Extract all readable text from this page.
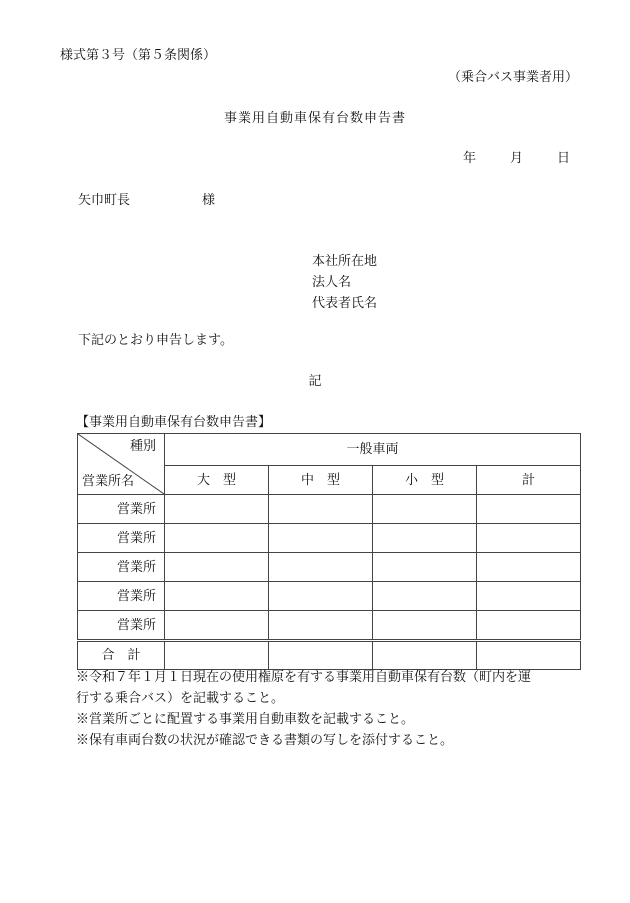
様式第３号（第５条関係）
（乗合バス事業者用）
事業用自動車保有台数申告書
年	月	日
矢巾町長	様
本社所在地
法人名
代表者氏名
下記のとおり申告します。
記
【事業用自動車保有台数申告書】
種別
営業所名	一般車両			
	大　型	中　型	小　型	計
営業所				
営業所				
営業所				
営業所				
営業所				
合　計				
※令和７年１月１日現在の使用権原を有する事業用自動車保有台数（町内を運
行する乗合バス）を記載すること。
※営業所ごとに配置する事業用自動車数を記載すること。
※保有車両台数の状況が確認できる書類の写しを添付すること。
